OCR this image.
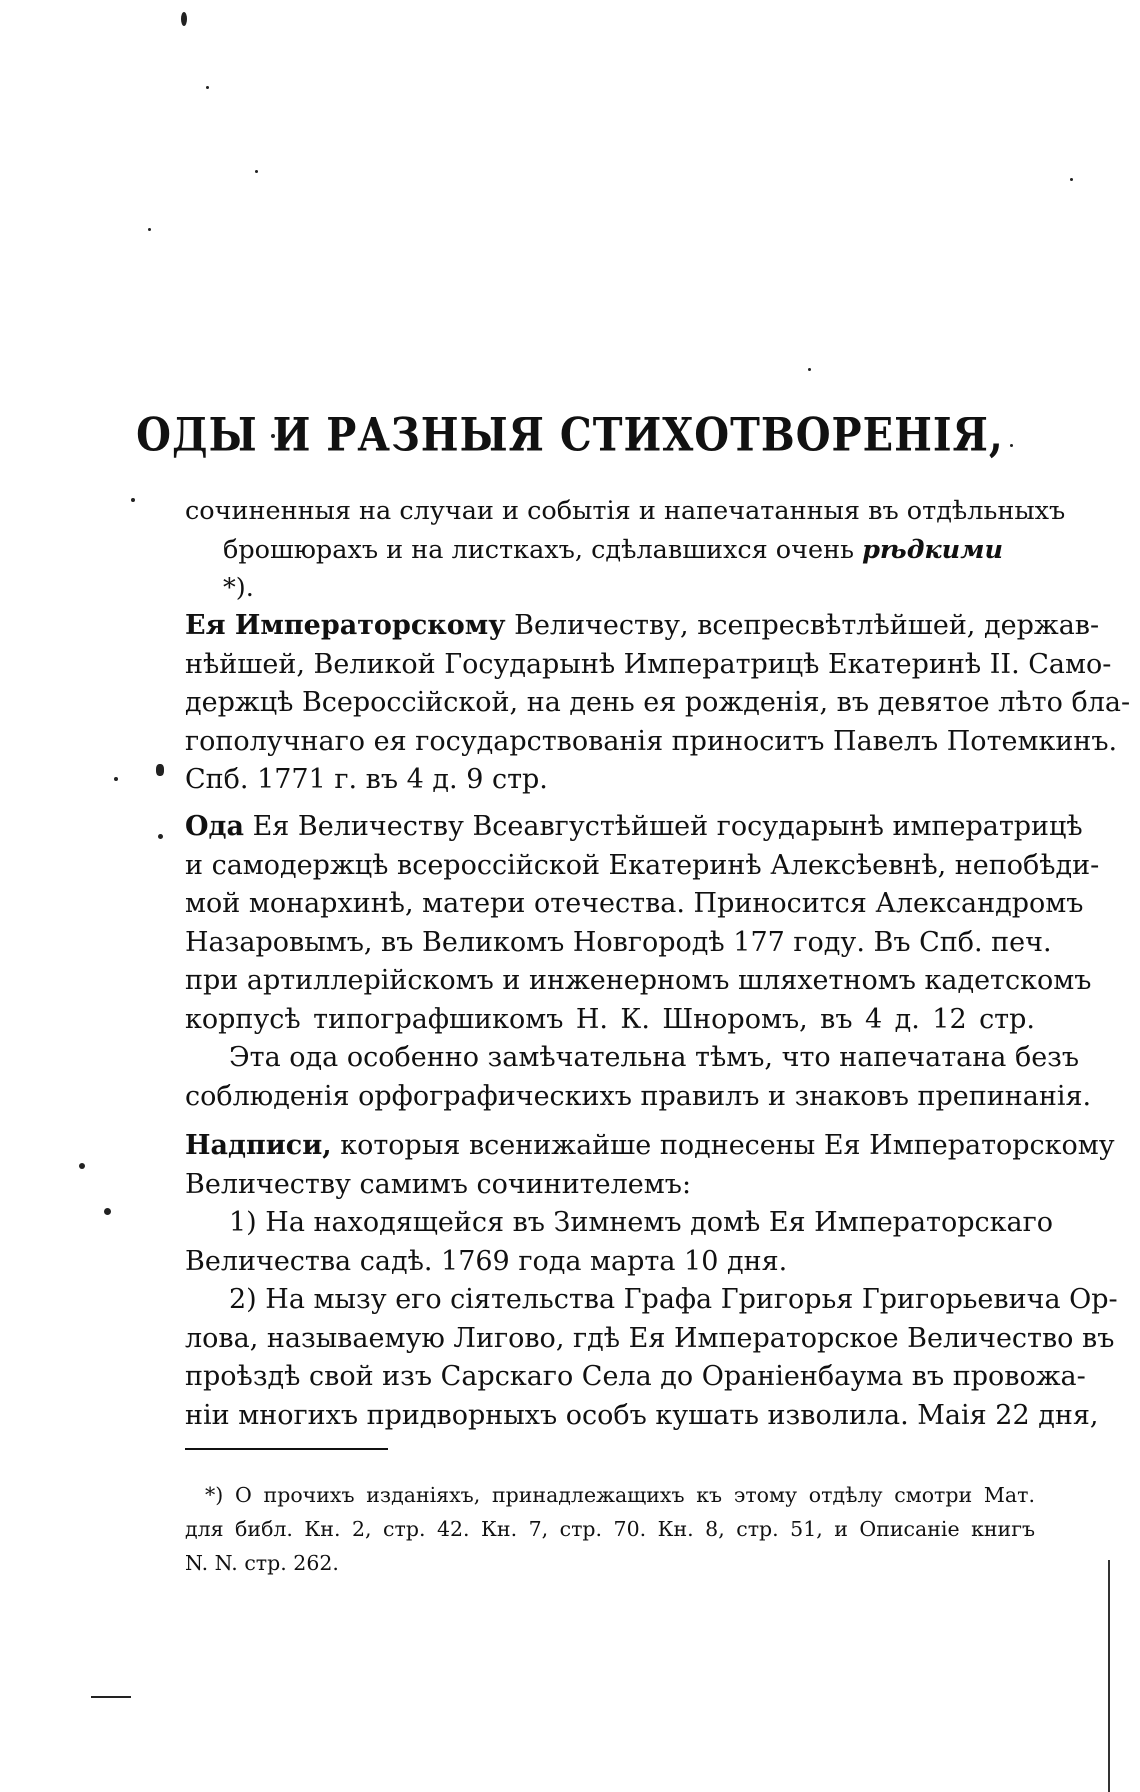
ОДЫ И РАЗНЫЯ СТИХОТВОРЕНІЯ,
сочиненныя на случаи и событія и напечатанныя въ отдѣльныхъ
брошюрахъ и на листкахъ, сдѣлавшихся очень рѣдкими *).
Ея Императорскому Величеству, всепресвѣтлѣйшей, держав-
нѣйшей, Великой Государынѣ Императрицѣ Екатеринѣ II. Само-
держцѣ Всероссійской, на день ея рожденія, въ девятое лѣто бла-
гополучнаго ея государствованія приноситъ Павелъ Потемкинъ.
Спб. 1771 г. въ 4 д. 9 стр.
Ода Ея Величеству Всеавгустѣйшей государынѣ императрицѣ
и самодержцѣ всероссійской Екатеринѣ Алексѣевнѣ, непобѣди-
мой монархинѣ, матери отечества. Приносится Александромъ
Назаровымъ, въ Великомъ Новгородѣ 177 году. Въ Спб. печ.
при артиллерійскомъ и инженерномъ шляхетномъ кадетскомъ
корпусѣ типографшикомъ Н. К. Шноромъ, въ 4 д. 12 стр.
Эта ода особенно замѣчательна тѣмъ, что напечатана безъ
соблюденія орфографическихъ правилъ и знаковъ препинанія.
Надписи, которыя всенижайше поднесены Ея Императорскому
Величеству самимъ сочинителемъ:
1) На находящейся въ Зимнемъ домѣ Ея Императорскаго
Величества садѣ. 1769 года марта 10 дня.
2) На мызу его сіятельства Графа Григорья Григорьевича Ор-
лова, называемую Лигово, гдѣ Ея Императорское Величество въ
проѣздѣ свой изъ Сарскаго Села до Ораніенбаума въ провожа-
ніи многихъ придворныхъ особъ кушать изволила. Маія 22 дня,
*) О прочихъ изданіяхъ, принадлежащихъ къ этому отдѣлу смотри Мат.
для библ. Кн. 2, стр. 42. Кн. 7, стр. 70. Кн. 8, стр. 51, и Описаніе книгъ
N. N. стр. 262.
